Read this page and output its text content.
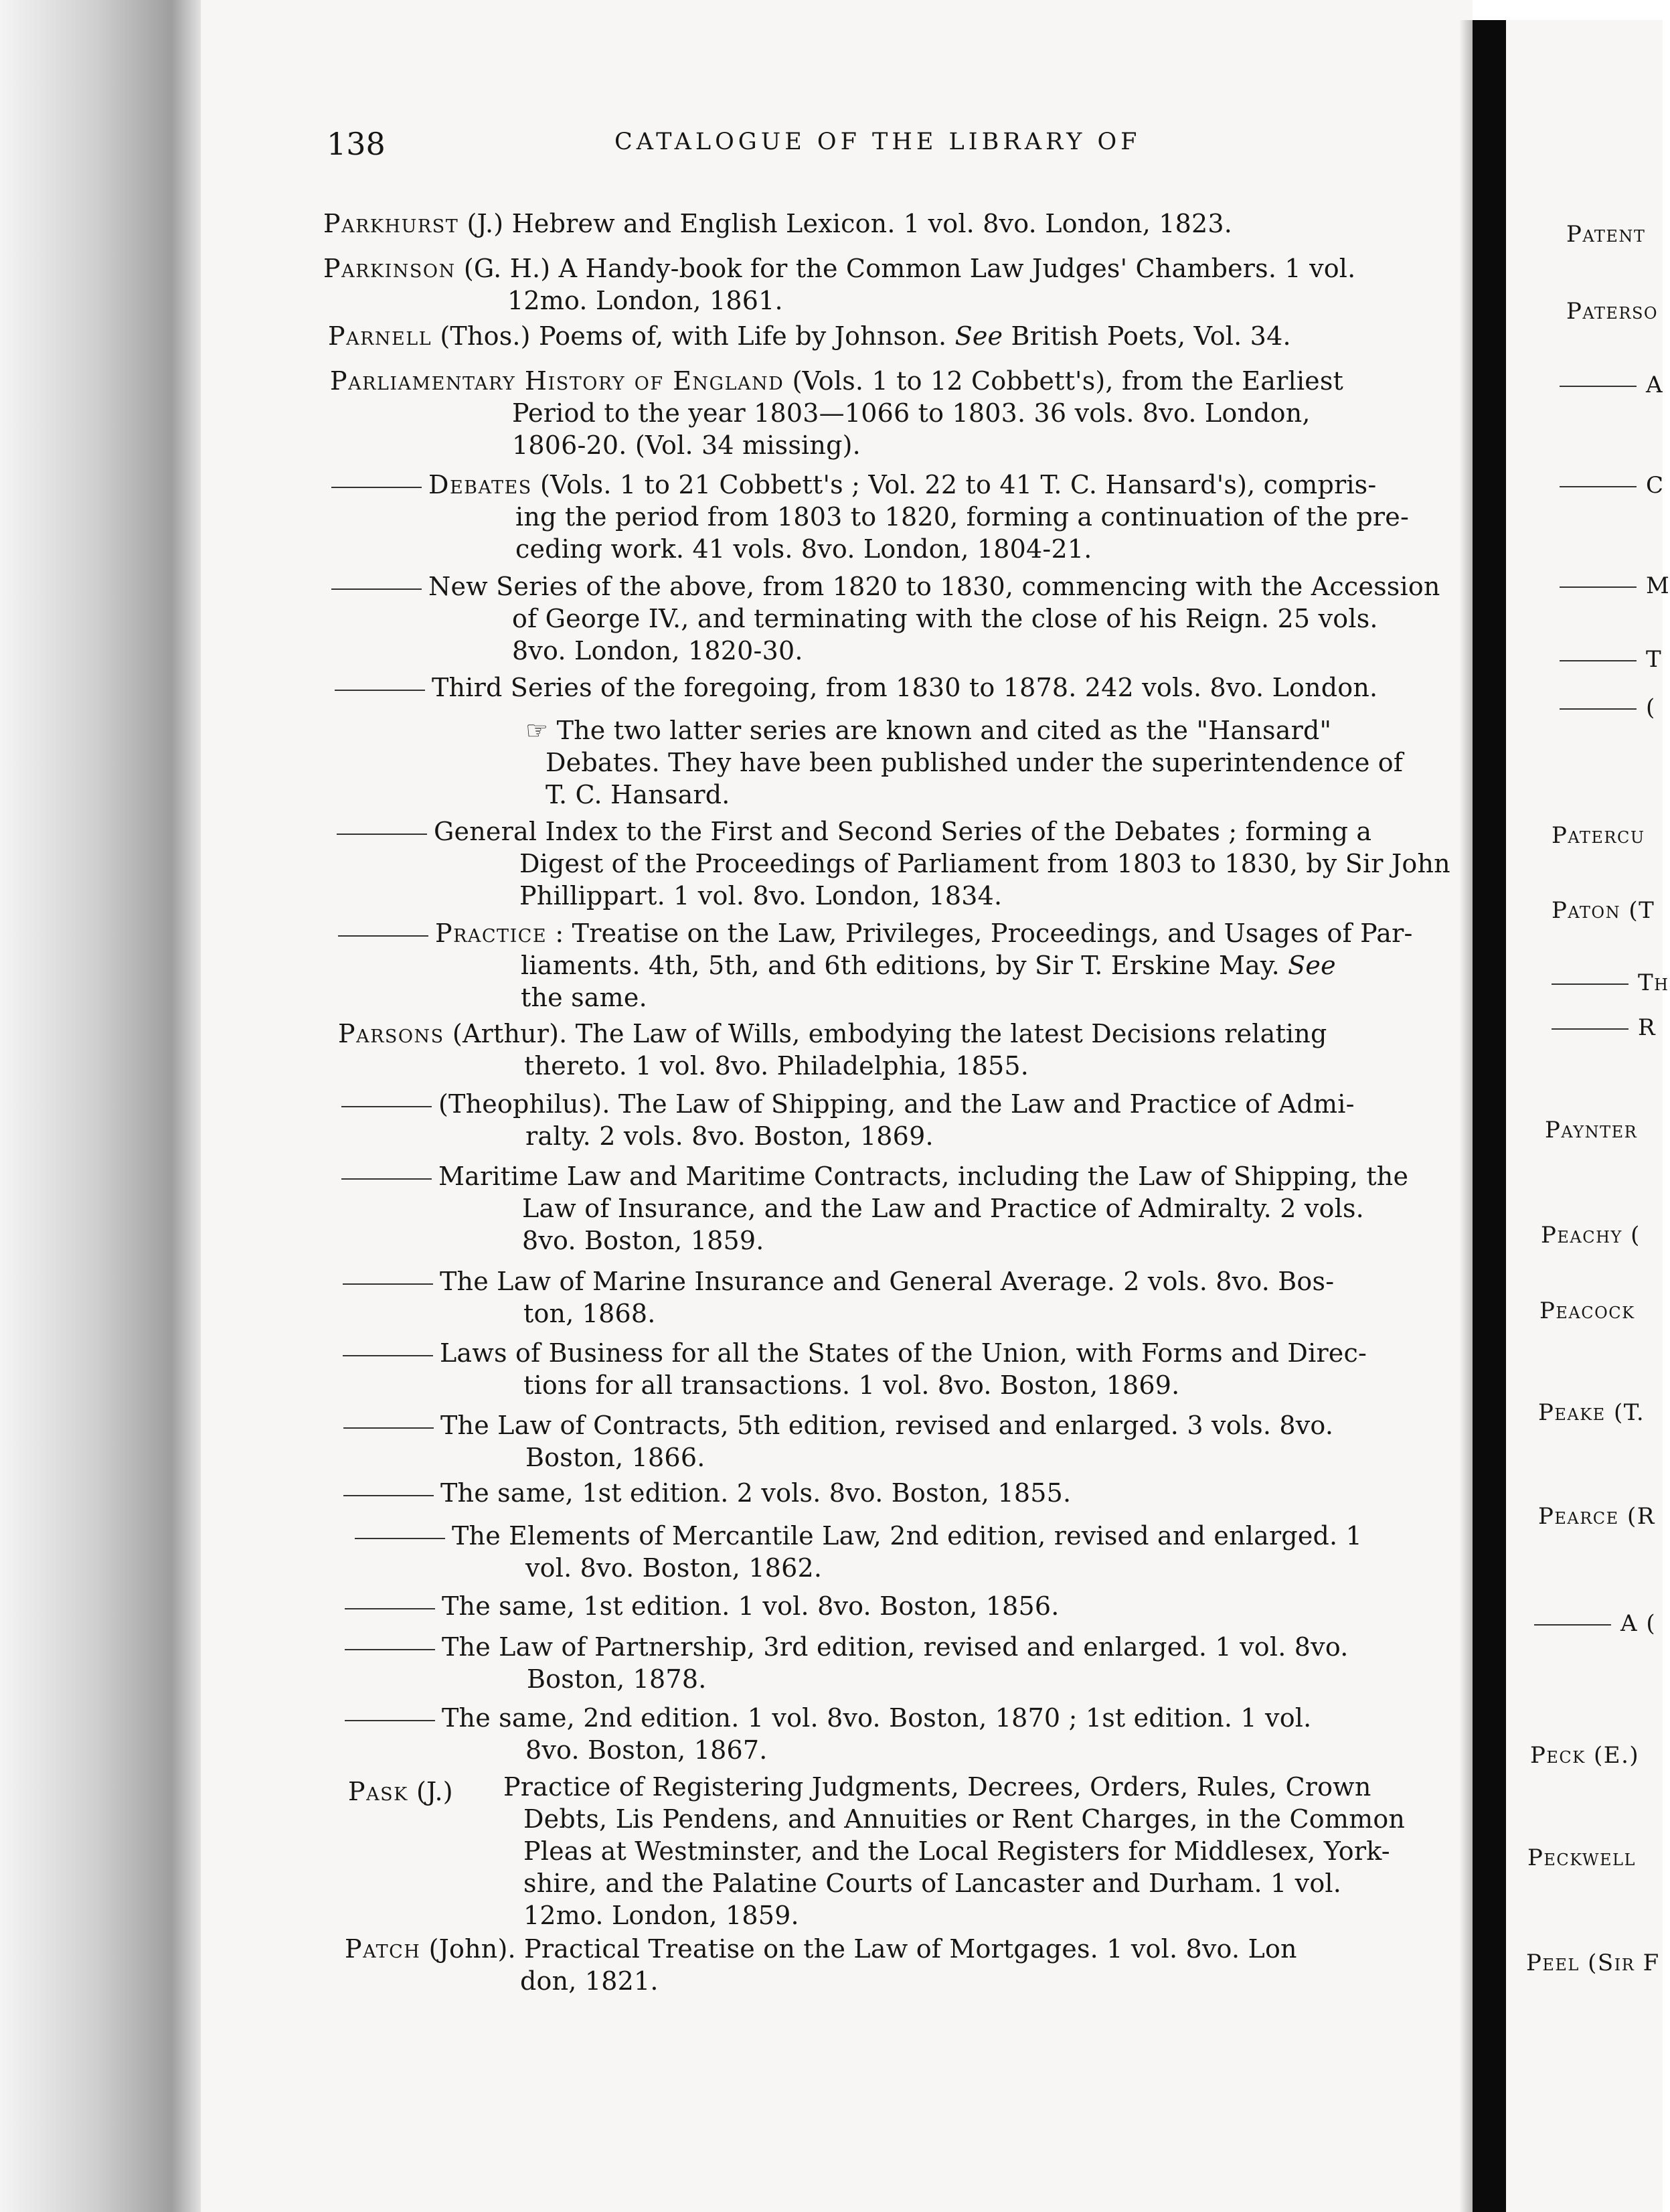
138	CATALOGUE OF THE LIBRARY OF
Parkhurst (J.) Hebrew and English Lexicon. 1 vol. 8vo. London, 1823.
Parkinson (G. H.) A Handy-book for the Common Law Judges' Chambers. 1 vol.
12mo. London, 1861.
Parnell (Thos.) Poems of, with Life by Johnson. See British Poets, Vol. 34.
Parliamentary History of England (Vols. 1 to 12 Cobbett's), from the Earliest
Period to the year 1803—1066 to 1803. 36 vols. 8vo. London,
1806-20. (Vol. 34 missing).
Debates (Vols. 1 to 21 Cobbett's ; Vol. 22 to 41 T. C. Hansard's), compris-
ing the period from 1803 to 1820, forming a continuation of the pre-
ceding work. 41 vols. 8vo. London, 1804-21.
New Series of the above, from 1820 to 1830, commencing with the Accession
of George IV., and terminating with the close of his Reign. 25 vols.
8vo. London, 1820-30.
Third Series of the foregoing, from 1830 to 1878. 242 vols. 8vo. London.
☞ The two latter series are known and cited as the "Hansard"
Debates. They have been published under the superintendence of
T. C. Hansard.
General Index to the First and Second Series of the Debates ; forming a
Digest of the Proceedings of Parliament from 1803 to 1830, by Sir John
Phillippart. 1 vol. 8vo. London, 1834.
Practice : Treatise on the Law, Privileges, Proceedings, and Usages of Par-
liaments. 4th, 5th, and 6th editions, by Sir T. Erskine May. See
the same.
Parsons (Arthur). The Law of Wills, embodying the latest Decisions relating
thereto. 1 vol. 8vo. Philadelphia, 1855.
(Theophilus). The Law of Shipping, and the Law and Practice of Admi-
ralty. 2 vols. 8vo. Boston, 1869.
Maritime Law and Maritime Contracts, including the Law of Shipping, the
Law of Insurance, and the Law and Practice of Admiralty. 2 vols.
8vo. Boston, 1859.
The Law of Marine Insurance and General Average. 2 vols. 8vo. Bos-
ton, 1868.
Laws of Business for all the States of the Union, with Forms and Direc-
tions for all transactions. 1 vol. 8vo. Boston, 1869.
The Law of Contracts, 5th edition, revised and enlarged. 3 vols. 8vo.
Boston, 1866.
The same, 1st edition. 2 vols. 8vo. Boston, 1855.
The Elements of Mercantile Law, 2nd edition, revised and enlarged. 1
vol. 8vo. Boston, 1862.
The same, 1st edition. 1 vol. 8vo. Boston, 1856.
The Law of Partnership, 3rd edition, revised and enlarged. 1 vol. 8vo.
Boston, 1878.
The same, 2nd edition. 1 vol. 8vo. Boston, 1870 ; 1st edition. 1 vol.
8vo. Boston, 1867.
Pask (J.) Practice of Registering Judgments, Decrees, Orders, Rules, Crown
Debts, Lis Pendens, and Annuities or Rent Charges, in the Common
Pleas at Westminster, and the Local Registers for Middlesex, York-
shire, and the Palatine Courts of Lancaster and Durham. 1 vol.
12mo. London, 1859.
Patch (John). Practical Treatise on the Law of Mortgages. 1 vol. 8vo. Lon
don, 1821.
Patent
Paterso
A
C
M
T
(
Patercu
Paton (T
Th
R
Paynter
Peachy (
Peacock
Peake (T.
Pearce (R
A (
Peck (E.)
Peckwell
Peel (Sir F
